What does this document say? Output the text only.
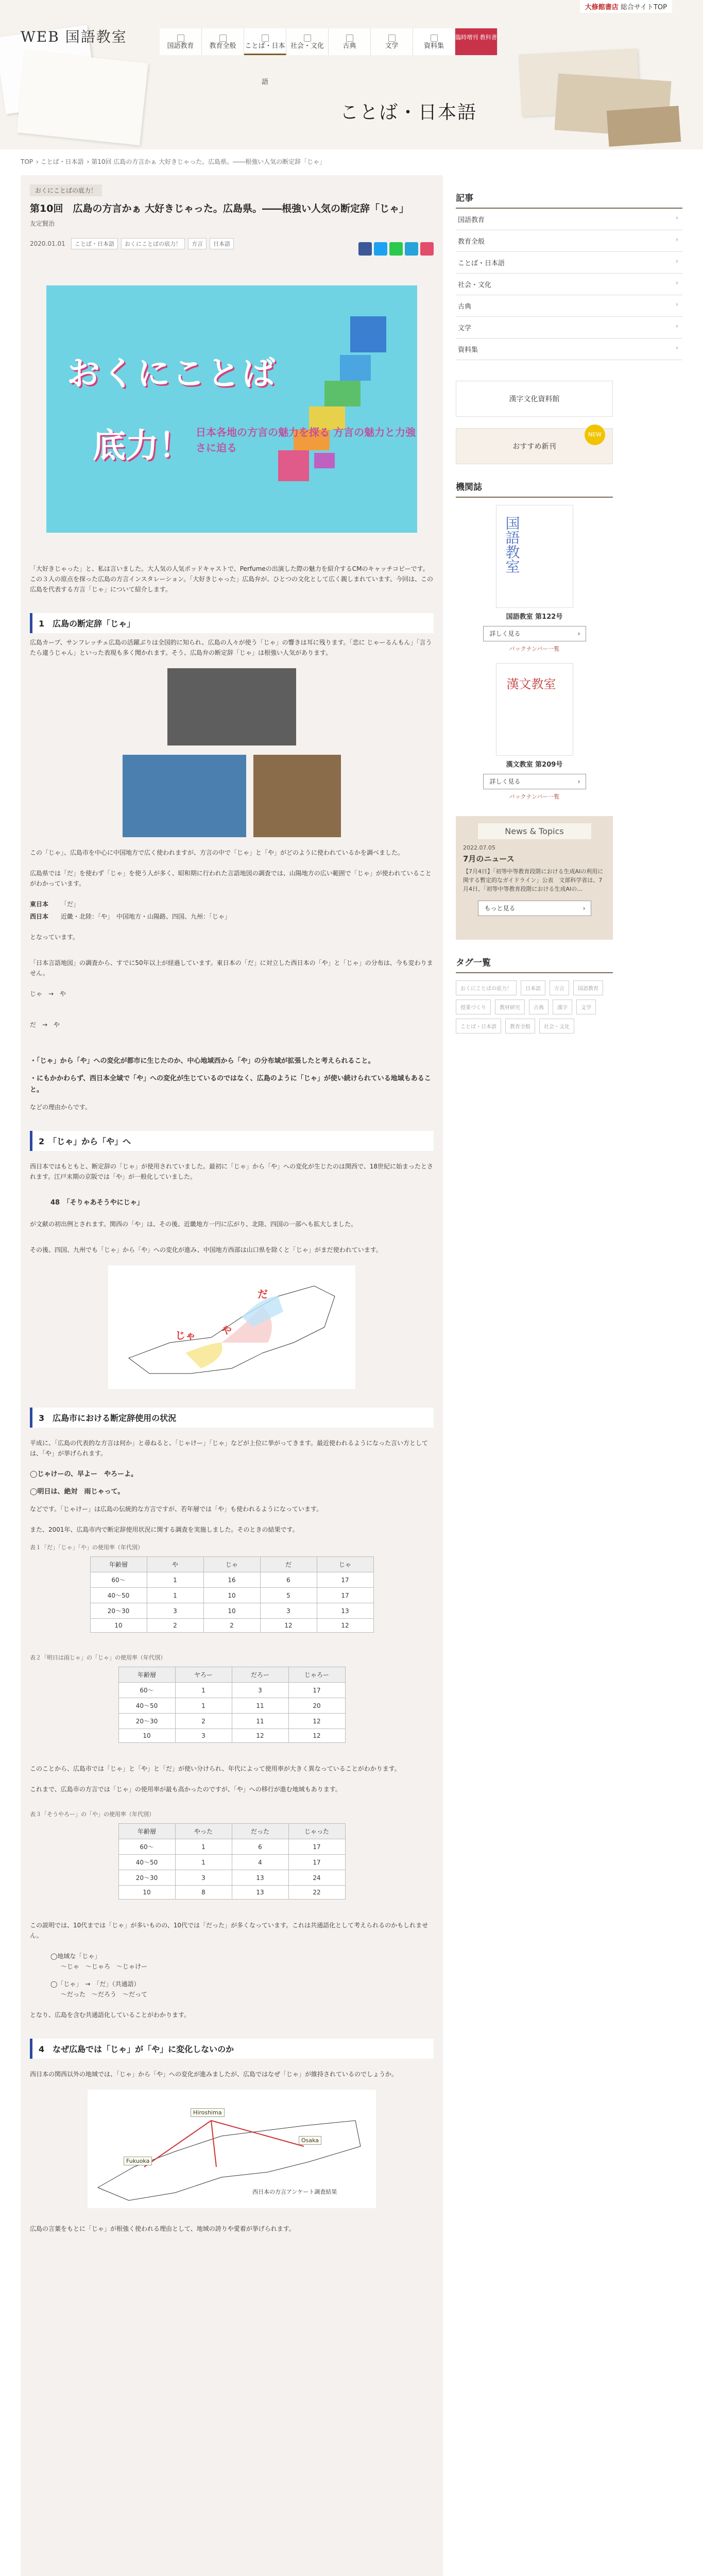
WEB 国語教室
大修館書店 総合サイトTOP
国語教育	教育全般	ことば・日本語
社会・文化	古典	文学	資料集
臨時増刊 教科書
ことば・日本語
TOP › ことば・日本語 › 第10回 広島の方言かぁ 大好きじゃった。広島県。――根強い人気の断定辞「じゃ」
おくにことばの底力！
第10回　広島の方言かぁ 大好きじゃった。広島県。――根強い人気の断定辞「じゃ」
友定賢治
2020.01.01	ことば・日本語	おくにことばの底力！	方言	日本語
おくにことば
底力！ 日本各地の方言の魅力を探る 方言の魅力と力強さに迫る

「大好きじゃった」と、私は言いました。大人気の人気ポッドキャストで、Perfumeの出演した際の魅力を紹介するCMのキャッチコピーです。この３人の原点を探った広島の方言インスタレーション。「大好きじゃった」広島弁が、ひとつの文化として広く親しまれています。今回は、この広島を代表する方言「じゃ」について紹介します。

1　広島の断定辞「じゃ」

広島カープ、サンフレッチェ広島の活躍ぶりは全国的に知られ、広島の人々が使う「じゃ」の響きは耳に残ります。「恋に じゃーるんもん」「言うたら違うじゃん」といった表現も多く聞かれます。そう、広島弁の断定辞「じゃ」は根強い人気があります。

この「じゃ」、広島市を中心に中国地方で広く使われますが、方言の中で「じゃ」と「や」がどのように使われているかを調べました。

広島県では「だ」を使わず「じゃ」を使う人が多く、昭和期に行われた言語地図の調査では、山陽地方の広い範囲で「じゃ」が使われていることがわかっています。

東日本	「だ」
西日本	近畿・北陸：「や」　中国地方・山陽路、四国、九州：「じゃ」

となっています。

「日本言語地図」の調査から、すでに50年以上が経過しています。東日本の「だ」に対立した西日本の「や」と「じゃ」の分布は、今も変わりません。

じゃ　→　や

だ　→　や

・「じゃ」から「や」への変化が都市に生じたのか、中心地域西から「や」の分布域が拡張したと考えられること。

・にもかかわらず、西日本全域で「や」への変化が生じているのではなく、広島のように「じゃ」が使い続けられている地域もあること。

などの理由からです。

2　「じゃ」から「や」へ

西日本ではもともと、断定辞の「じゃ」が使用されていました。最初に「じゃ」から「や」への変化が生じたのは関西で、18世紀に始まったとされます。江戸末期の京阪では「や」が一般化していました。

48　「そりゃあそうやにじゃ」

が文献の初出例とされます。関西の「や」は、その後、近畿地方一円に広がり、北陸、四国の一部へも拡大しました。

その後、四国、九州でも「じゃ」から「や」への変化が進み、中国地方西部は山口県を除くと「じゃ」がまだ使われています。

だ
じゃ	や
3　広島市における断定辞使用の状況

平成に、「広島の代表的な方言は何か」と尋ねると、「じゃけー」「じゃ」などが上位に挙がってきます。最近使われるようになった言い方としては、「や」が挙げられます。

◯じゃけーの、早よー　やろーよ。

◯明日は、絶対　雨じゃって。

などです。「じゃけー」は広島の伝統的な方言ですが、若年層では「や」も使われるようになっています。

また、2001年、広島市内で断定辞使用状況に関する調査を実施しました。そのときの結果です。

表１「だ」「じゃ」「や」の使用率（年代別）

年齢層	や	じゃ	だ	じゃ
60～	1	16	6	17
40～50	1	10	5	17
20～30	3	10	3	13
10	2	2	12	12

表２「明日は雨じゃ」の「じゃ」の使用率（年代別）

年齢層	ヤろー	だろー	じゃろー
60～	1	3	17
40～50	1	11	20
20～30	2	11	12
10	3	12	12

このことから、広島市では「じゃ」と「や」と「だ」が使い分けられ、年代によって使用率が大きく異なっていることがわかります。

これまで、広島市の方言では「じゃ」の使用率が最も高かったのですが、「や」への移行が進む地域もあります。

表３「そうやろー」の「や」の使用率（年代別）

年齢層	やった	だった	じゃった
60～	1	6	17
40～50	1	4	17
20～30	3	13	24
10	8	13	22

この説明では、10代までは「じゃ」が多いものの、10代では「だった」が多くなっています。これは共通語化として考えられるのかもしれません。

◯地域な「じゃ」
～じゃ　～じゃろ　～じゃけー
◯「じゃ」　→　「だ」（共通語）
～だった　～だろう　～だって

となり、広島を含む共通語化していることがわかります。

4　なぜ広島では「じゃ」が「や」に変化しないのか

西日本の関西以外の地域では、「じゃ」から「や」への変化が進みましたが、広島ではなぜ「じゃ」が維持されているのでしょうか。

Hiroshima
Osaka
Fukuoka
西日本の方言アンケート調査結果

広島の言葉をもとに「じゃ」が根強く使われる理由として、地域の誇りや愛着が挙げられます。

記事
国語教育 ›
教育全般 ›
ことば・日本語 ›
社会・文化 ›
古典 ›
文学 ›
資料集 ›
漢字文化資料館
おすすめ新刊
NEW
機関誌
国語教室
国語教室 第122号
詳しく見る ›
バックナンバー一覧
漢文教室
漢文教室 第209号
詳しく見る ›
バックナンバー一覧
News & Topics
2022.07.05
7月のニュース
【7月4日】「初等中等教育段階における生成AIの利用に関する暫定的なガイドライン」公表　文部科学省は、7月4日、「初等中等教育段階における生成AIの…
もっと見る ›
タグ一覧
おくにことばの底力！	日本語	方言	国語教育
授業づくり	教材研究	古典	漢字	文学
ことば・日本語	教育全般	社会・文化
